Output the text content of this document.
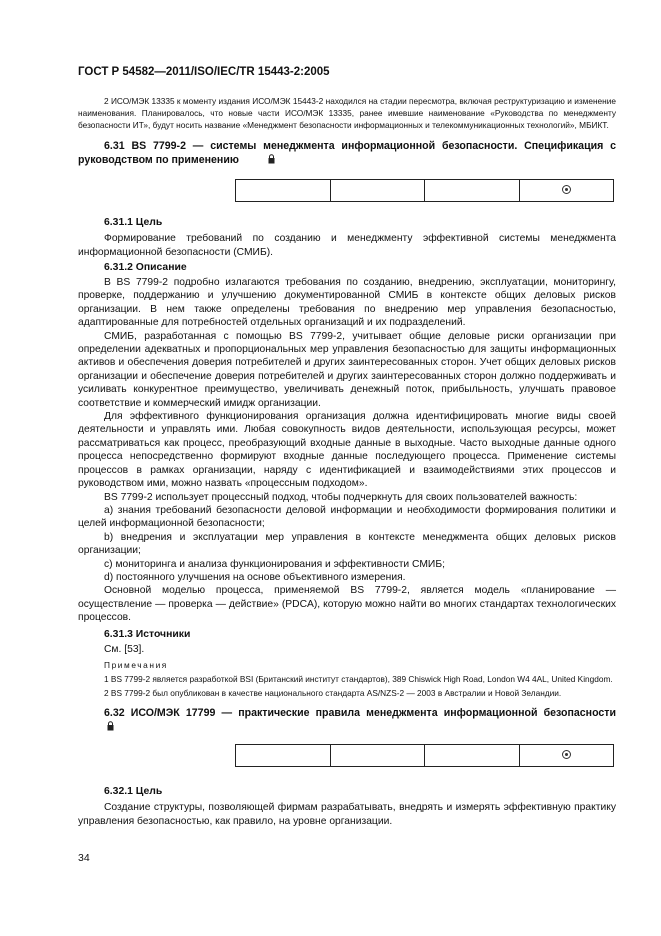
ГОСТ Р 54582—2011/ISO/IEC/TR 15443-2:2005

2 ИСО/МЭК 13335 к моменту издания ИСО/МЭК 15443-2 находился на стадии пересмотра, включая реструктуризацию и изменение наименования. Планировалось, что новые части ИСО/МЭК 13335, ранее имевшие наименование «Руководства по менеджменту безопасности ИТ», будут носить название «Менеджмент безопасности информационных и телекоммуникационных технологий», МБИКТ.

6.31 BS 7799-2 — системы менеджмента информационной безопасности. Спецификация с руководством по применению

6.31.1 Цель

Формирование требований по созданию и менеджменту эффективной системы менеджмента информационной безопасности (СМИБ).

6.31.2 Описание

В BS 7799-2 подробно излагаются требования по созданию, внедрению, эксплуатации, мониторингу, проверке, поддержанию и улучшению документированной СМИБ в контексте общих деловых рисков организации. В нем также определены требования по внедрению мер управления безопасностью, адаптированные для потребностей отдельных организаций и их подразделений.

СМИБ, разработанная с помощью BS 7799-2, учитывает общие деловые риски организации при определении адекватных и пропорциональных мер управления безопасностью для защиты информационных активов и обеспечения доверия потребителей и других заинтересованных сторон. Учет общих деловых рисков организации и обеспечение доверия потребителей и других заинтересованных сторон должно поддерживать и усиливать конкурентное преимущество, увеличивать денежный поток, прибыльность, улучшать правовое соответствие и коммерческий имидж организации.

Для эффективного функционирования организация должна идентифицировать многие виды своей деятельности и управлять ими. Любая совокупность видов деятельности, использующая ресурсы, может рассматриваться как процесс, преобразующий входные данные в выходные. Часто выходные данные одного процесса непосредственно формируют входные данные последующего процесса. Применение системы процессов в рамках организации, наряду с идентификацией и взаимодействиями этих процессов и руководством ими, можно назвать «процессным подходом».

BS 7799-2 использует процессный подход, чтобы подчеркнуть для своих пользователей важность:

а) знания требований безопасности деловой информации и необходимости формирования политики и целей информационной безопасности;

b) внедрения и эксплуатации мер управления в контексте менеджмента общих деловых рисков организации;

c) мониторинга и анализа функционирования и эффективности СМИБ;

d) постоянного улучшения на основе объективного измерения.

Основной моделью процесса, применяемой BS 7799-2, является модель «планирование — осуществление — проверка — действие» (PDCA), которую можно найти во многих стандартах технологических процессов.

6.31.3 Источники

См. [53].

Примечания

1 BS 7799-2 является разработкой BSI (Британский институт стандартов), 389 Chiswick High Road, London W4 4AL, United Kingdom.

2 BS 7799-2 был опубликован в качестве национального стандарта AS/NZS-2 — 2003 в Австралии и Новой Зеландии.

6.32 ИСО/МЭК 17799 — практические правила менеджмента информационной безопасности

6.32.1 Цель

Создание структуры, позволяющей фирмам разрабатывать, внедрять и измерять эффективную практику управления безопасностью, как правило, на уровне организации.

34
